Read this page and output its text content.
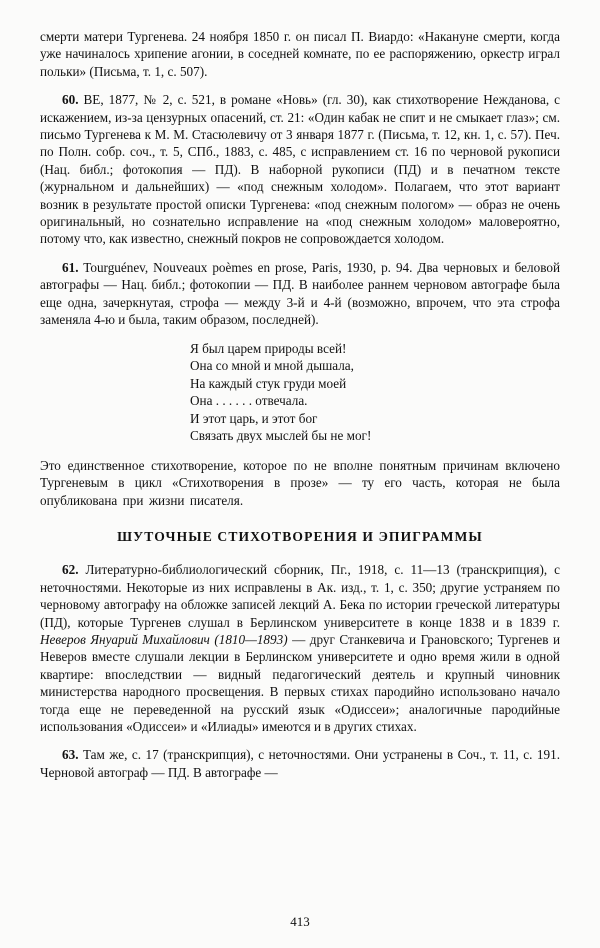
смерти матери Тургенева. 24 ноября 1850 г. он писал П. Виардо: «Накануне смерти, когда уже начиналось хрипение агонии, в соседней комнате, по ее распоряжению, оркестр играл польки» (Письма, т. 1, с. 507).

60. ВЕ, 1877, № 2, с. 521, в романе «Новь» (гл. 30), как стихотворение Нежданова, с искажением, из-за цензурных опасений, ст. 21: «Один кабак не спит и не смыкает глаз»; см. письмо Тургенева к М. М. Стасюлевичу от 3 января 1877 г. (Письма, т. 12, кн. 1, с. 57). Печ. по Полн. собр. соч., т. 5, СПб., 1883, с. 485, с исправлением ст. 16 по черновой рукописи (Нац. библ.; фотокопия — ПД). В наборной рукописи (ПД) и в печатном тексте (журнальном и дальнейших) — «под снежным холодом». Полагаем, что этот вариант возник в результате простой описки Тургенева: «под снежным пологом» — образ не очень оригинальный, но сознательно исправление на «под снежным холодом» маловероятно, потому что, как известно, снежный покров не сопровождается холодом.

61. Tourguénev, Nouveaux poèmes en prose, Paris, 1930, p. 94. Два черновых и беловой автографы — Нац. библ.; фотокопии — ПД. В наиболее раннем черновом автографе была еще одна, зачеркнутая, строфа — между 3-й и 4-й (возможно, впрочем, что эта строфа заменяла 4-ю и была, таким образом, последней).

Я был царем природы всей!
Она со мной и мной дышала,
На каждый стук груди моей
Она . . . . . . отвечала.
И этот царь, и этот бог
Связать двух мыслей бы не мог!

Это единственное стихотворение, которое по не вполне понятным причинам включено Тургеневым в цикл «Стихотворения в прозе» — ту его часть, которая не была опубликована при жизни писателя.

ШУТОЧНЫЕ СТИХОТВОРЕНИЯ И ЭПИГРАММЫ

62. Литературно-библиологический сборник, Пг., 1918, с. 11—13 (транскрипция), с неточностями. Некоторые из них исправлены в Ак. изд., т. 1, с. 350; другие устраняем по черновому автографу на обложке записей лекций А. Бека по истории греческой литературы (ПД), которые Тургенев слушал в Берлинском университете в конце 1838 и в 1839 г. Неверов Януарий Михайлович (1810—1893) — друг Станкевича и Грановского; Тургенев и Неверов вместе слушали лекции в Берлинском университете и одно время жили в одной квартире: впоследствии — видный педагогический деятель и крупный чиновник министерства народного просвещения. В первых стихах пародийно использовано начало тогда еще не переведенной на русский язык «Одиссеи»; аналогичные пародийные использования «Одиссеи» и «Илиады» имеются и в других стихах.

63. Там же, с. 17 (транскрипция), с неточностями. Они устранены в Соч., т. 11, с. 191. Черновой автограф — ПД. В автографе —

413
